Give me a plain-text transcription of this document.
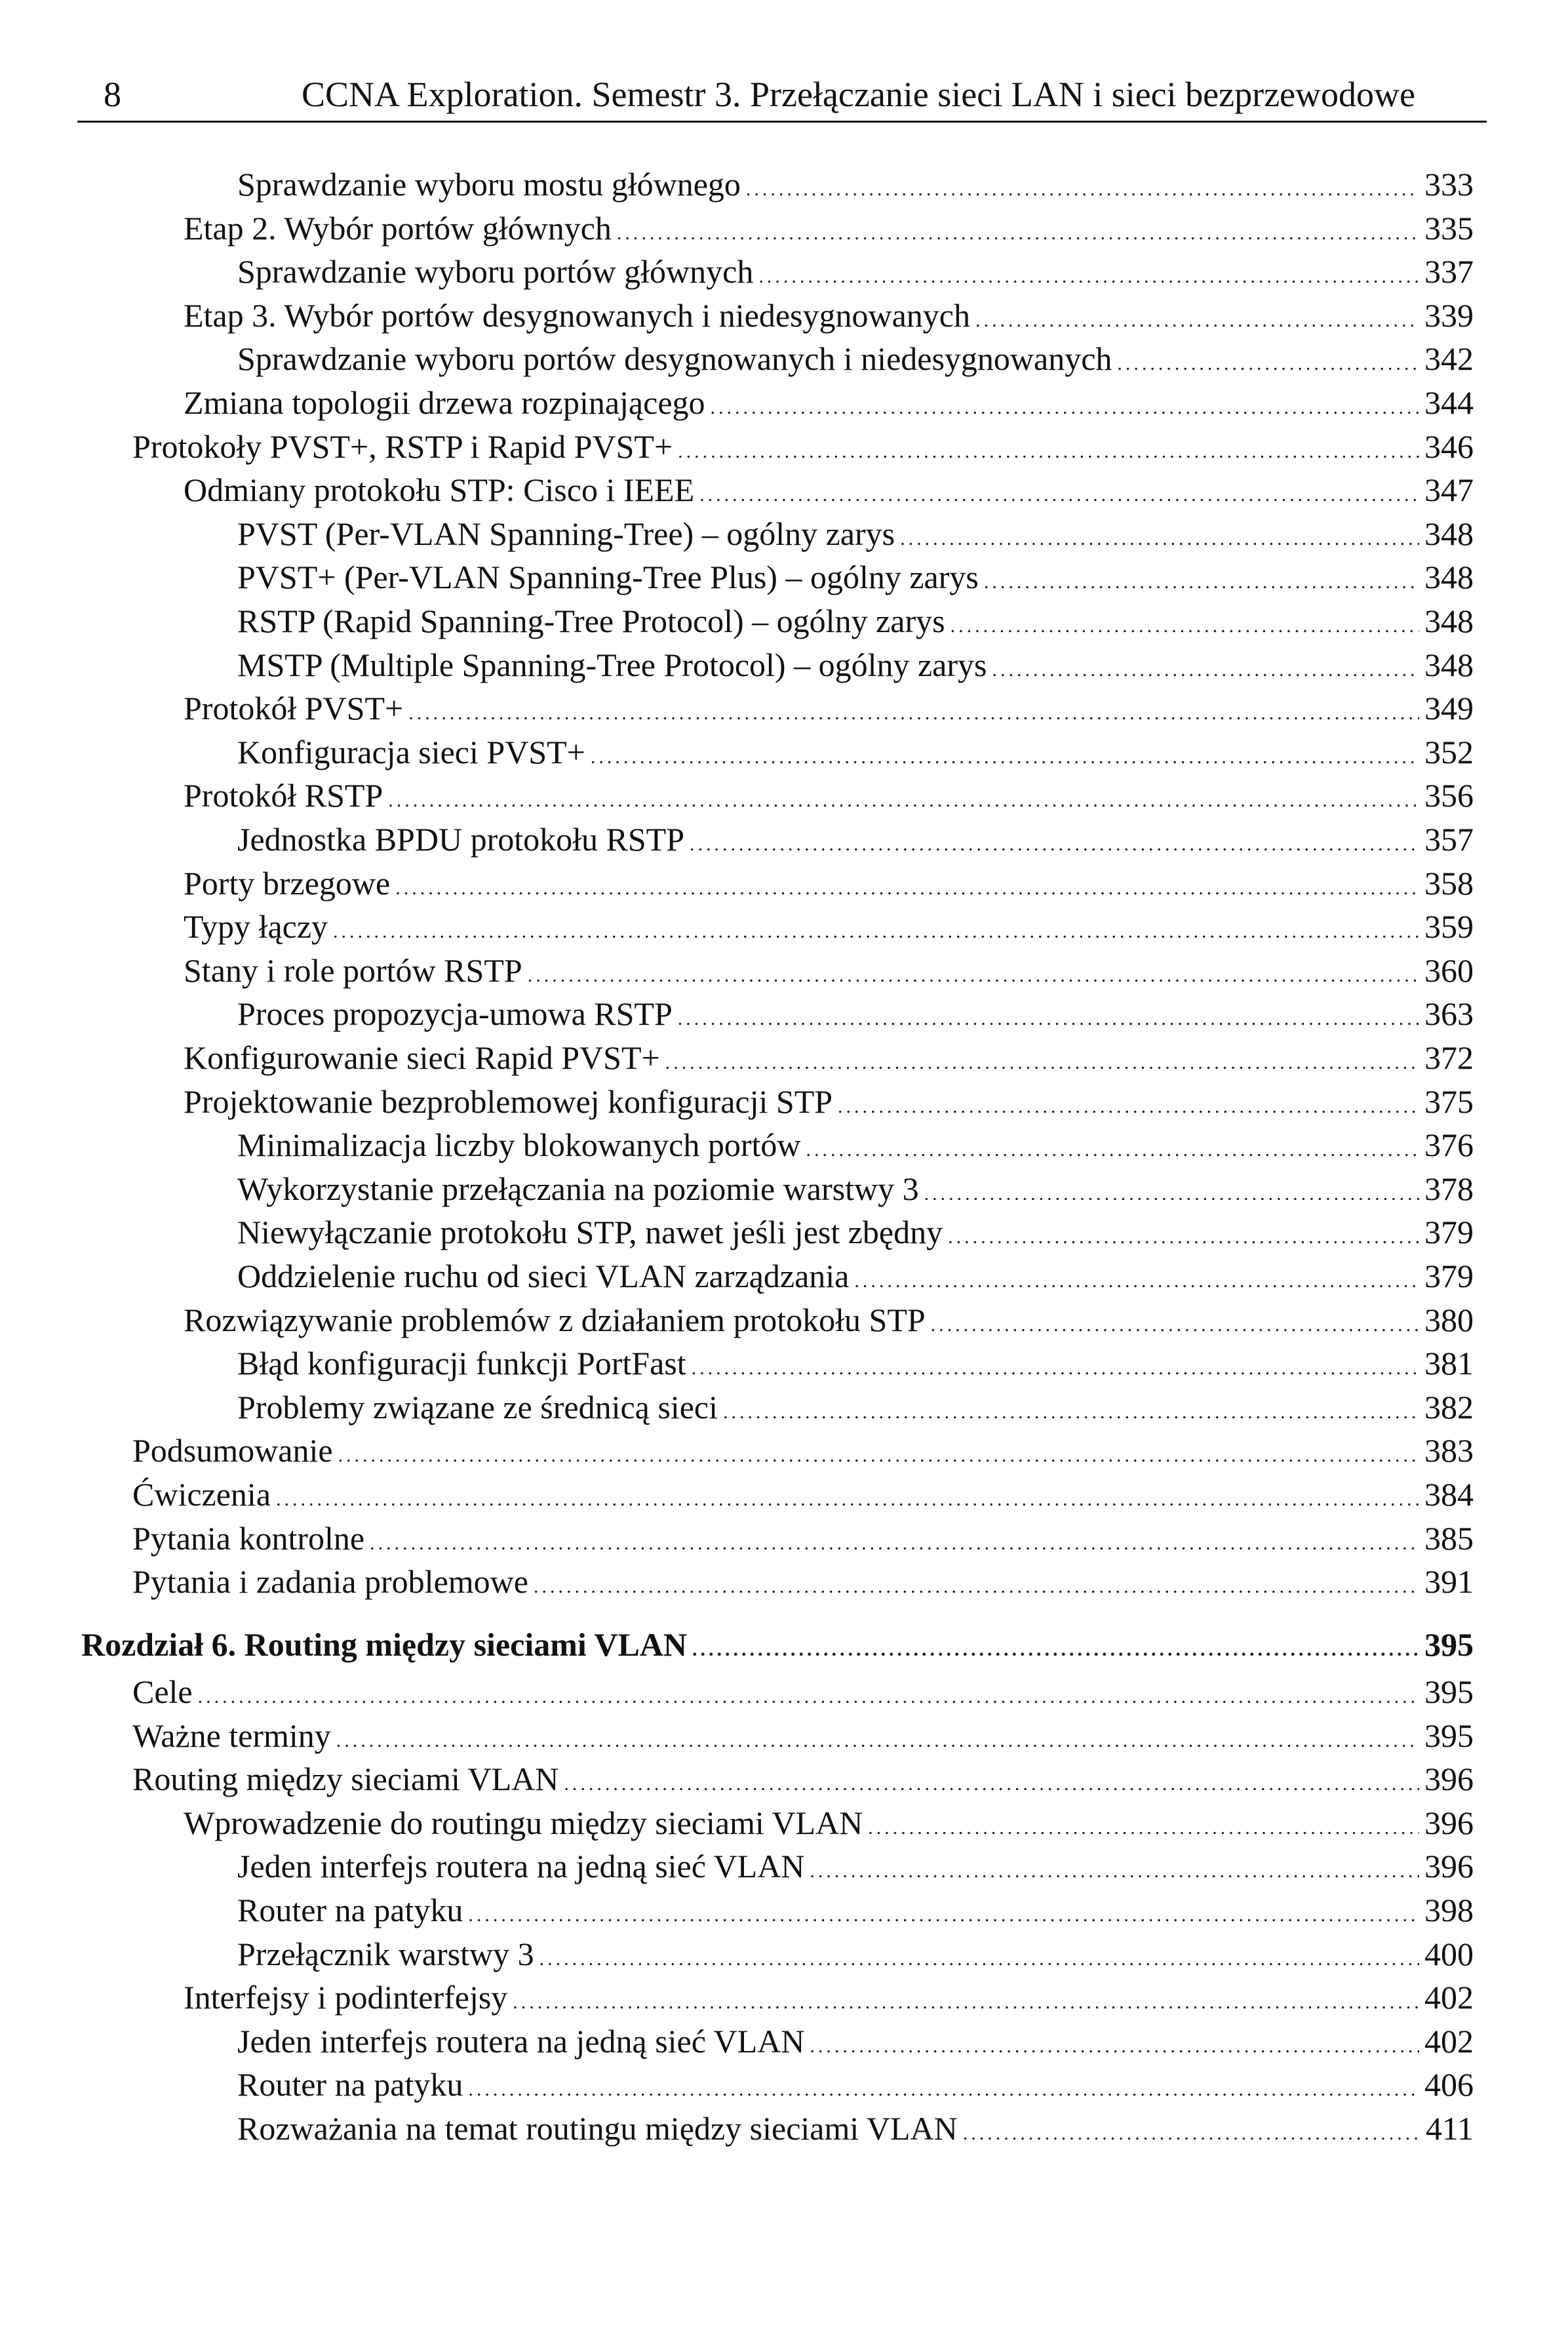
8	CCNA Exploration. Semestr 3. Przełączanie sieci LAN i sieci bezprzewodowe
Sprawdzanie wyboru mostu głównego .....	333
Etap 2. Wybór portów głównych .....	335
Sprawdzanie wyboru portów głównych .....	337
Etap 3. Wybór portów desygnowanych i niedesygnowanych .....	339
Sprawdzanie wyboru portów desygnowanych i niedesygnowanych .....	342
Zmiana topologii drzewa rozpinającego .....	344
Protokoły PVST+, RSTP i Rapid PVST+ .....	346
Odmiany protokołu STP: Cisco i IEEE .....	347
PVST (Per-VLAN Spanning-Tree) – ogólny zarys .....	348
PVST+ (Per-VLAN Spanning-Tree Plus) – ogólny zarys .....	348
RSTP (Rapid Spanning-Tree Protocol) – ogólny zarys .....	348
MSTP (Multiple Spanning-Tree Protocol) – ogólny zarys .....	348
Protokół PVST+ .....	349
Konfiguracja sieci PVST+ .....	352
Protokół RSTP .....	356
Jednostka BPDU protokołu RSTP .....	357
Porty brzegowe .....	358
Typy łączy .....	359
Stany i role portów RSTP .....	360
Proces propozycja-umowa RSTP .....	363
Konfigurowanie sieci Rapid PVST+ .....	372
Projektowanie bezproblemowej konfiguracji STP .....	375
Minimalizacja liczby blokowanych portów .....	376
Wykorzystanie przełączania na poziomie warstwy 3 .....	378
Niewyłączanie protokołu STP, nawet jeśli jest zbędny .....	379
Oddzielenie ruchu od sieci VLAN zarządzania .....	379
Rozwiązywanie problemów z działaniem protokołu STP .....	380
Błąd konfiguracji funkcji PortFast .....	381
Problemy związane ze średnicą sieci .....	382
Podsumowanie .....	383
Ćwiczenia .....	384
Pytania kontrolne .....	385
Pytania i zadania problemowe .....	391
Rozdział 6. Routing między sieciami VLAN .....	395
Cele .....	395
Ważne terminy .....	395
Routing między sieciami VLAN .....	396
Wprowadzenie do routingu między sieciami VLAN .....	396
Jeden interfejs routera na jedną sieć VLAN .....	396
Router na patyku .....	398
Przełącznik warstwy 3 .....	400
Interfejsy i podinterfejsy .....	402
Jeden interfejs routera na jedną sieć VLAN .....	402
Router na patyku .....	406
Rozważania na temat routingu między sieciami VLAN .....	411
